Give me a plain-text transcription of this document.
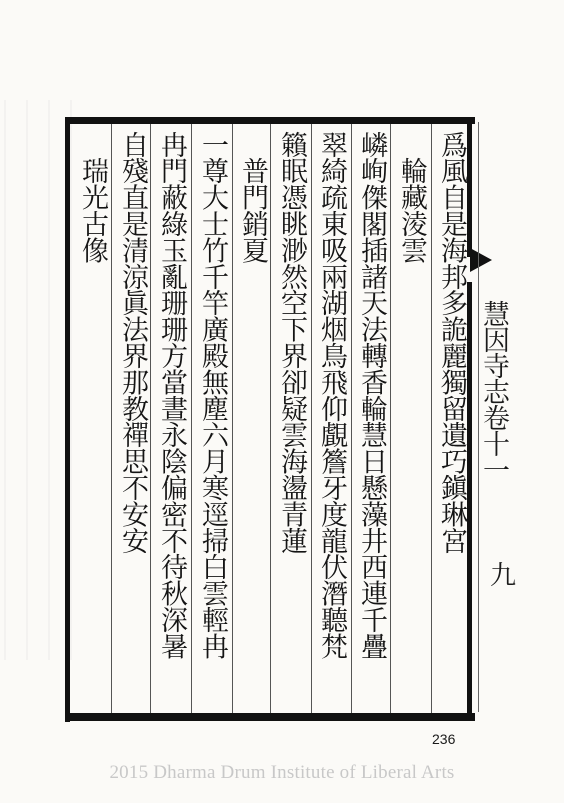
爲風自是海邦多詭麗獨留遺巧鎭琳宮
　輪藏淩雲
嶙峋傑閣插諸天法轉香輪慧日懸藻井西連千疊
翠綺疏東吸兩湖烟鳥飛仰覰簷牙度龍伏潛聽梵
籟眠憑眺渺然空下界卻疑雲海盪青蓮
　普門銷夏
一尊大士竹千竿廣殿無塵六月寒逕掃白雲輕冉
冉門蔽綠玉亂珊珊方當晝永陰偏密不待秋深暑
自殘直是清涼眞法界那教禪思不安安
　瑞光古像
慧因寺志卷十一
九
236
2015 Dharma Drum Institute of Liberal Arts
